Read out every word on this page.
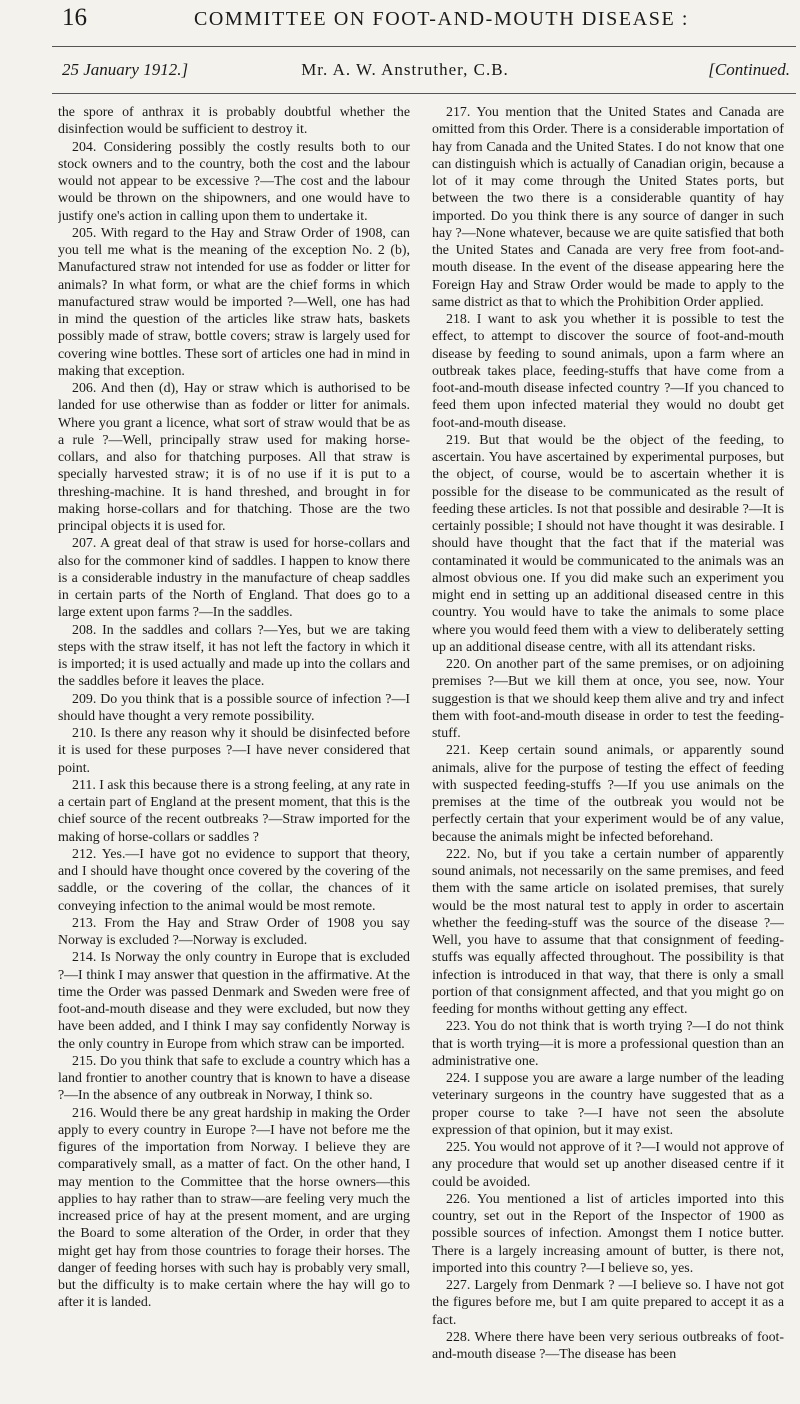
16	COMMITTEE ON FOOT-AND-MOUTH DISEASE :
25 January 1912.]	Mr. A. W. Anstruther, C.B.	[Continued.

the spore of anthrax it is probably doubtful whether the disinfection would be sufficient to destroy it.

204. Considering possibly the costly results both to our stock owners and to the country, both the cost and the labour would not appear to be excessive ?—The cost and the labour would be thrown on the shipowners, and one would have to justify one's action in calling upon them to undertake it.

205. With regard to the Hay and Straw Order of 1908, can you tell me what is the meaning of the exception No. 2 (b), Manufactured straw not intended for use as fodder or litter for animals? In what form, or what are the chief forms in which manufactured straw would be imported ?—Well, one has had in mind the question of the articles like straw hats, baskets possibly made of straw, bottle covers; straw is largely used for covering wine bottles. These sort of articles one had in mind in making that exception.

206. And then (d), Hay or straw which is authorised to be landed for use otherwise than as fodder or litter for animals. Where you grant a licence, what sort of straw would that be as a rule ?—Well, principally straw used for making horse-collars, and also for thatching purposes. All that straw is specially harvested straw; it is of no use if it is put to a threshing-machine. It is hand threshed, and brought in for making horse-collars and for thatching. Those are the two principal objects it is used for.

207. A great deal of that straw is used for horse-collars and also for the commoner kind of saddles. I happen to know there is a considerable industry in the manufacture of cheap saddles in certain parts of the North of England. That does go to a large extent upon farms ?—In the saddles.

208. In the saddles and collars ?—Yes, but we are taking steps with the straw itself, it has not left the factory in which it is imported; it is used actually and made up into the collars and the saddles before it leaves the place.

209. Do you think that is a possible source of infection ?—I should have thought a very remote possibility.

210. Is there any reason why it should be disinfected before it is used for these purposes ?—I have never considered that point.

211. I ask this because there is a strong feeling, at any rate in a certain part of England at the present moment, that this is the chief source of the recent outbreaks ?—Straw imported for the making of horse-collars or saddles ?

212. Yes.—I have got no evidence to support that theory, and I should have thought once covered by the covering of the saddle, or the covering of the collar, the chances of it conveying infection to the animal would be most remote.

213. From the Hay and Straw Order of 1908 you say Norway is excluded ?—Norway is excluded.

214. Is Norway the only country in Europe that is excluded ?—I think I may answer that question in the affirmative. At the time the Order was passed Denmark and Sweden were free of foot-and-mouth disease and they were excluded, but now they have been added, and I think I may say confidently Norway is the only country in Europe from which straw can be imported.

215. Do you think that safe to exclude a country which has a land frontier to another country that is known to have a disease ?—In the absence of any outbreak in Norway, I think so.

216. Would there be any great hardship in making the Order apply to every country in Europe ?—I have not before me the figures of the importation from Norway. I believe they are comparatively small, as a matter of fact. On the other hand, I may mention to the Committee that the horse owners—this applies to hay rather than to straw—are feeling very much the increased price of hay at the present moment, and are urging the Board to some alteration of the Order, in order that they might get hay from those countries to forage their horses. The danger of feeding horses with such hay is probably very small, but the difficulty is to make certain where the hay will go to after it is landed.

217. You mention that the United States and Canada are omitted from this Order. There is a considerable importation of hay from Canada and the United States. I do not know that one can distinguish which is actually of Canadian origin, because a lot of it may come through the United States ports, but between the two there is a considerable quantity of hay imported. Do you think there is any source of danger in such hay ?—None whatever, because we are quite satisfied that both the United States and Canada are very free from foot-and-mouth disease. In the event of the disease appearing here the Foreign Hay and Straw Order would be made to apply to the same district as that to which the Prohibition Order applied.

218. I want to ask you whether it is possible to test the effect, to attempt to discover the source of foot-and-mouth disease by feeding to sound animals, upon a farm where an outbreak takes place, feeding-stuffs that have come from a foot-and-mouth disease infected country ?—If you chanced to feed them upon infected material they would no doubt get foot-and-mouth disease.

219. But that would be the object of the feeding, to ascertain. You have ascertained by experimental purposes, but the object, of course, would be to ascertain whether it is possible for the disease to be communicated as the result of feeding these articles. Is not that possible and desirable ?—It is certainly possible; I should not have thought it was desirable. I should have thought that the fact that if the material was contaminated it would be communicated to the animals was an almost obvious one. If you did make such an experiment you might end in setting up an additional diseased centre in this country. You would have to take the animals to some place where you would feed them with a view to deliberately setting up an additional disease centre, with all its attendant risks.

220. On another part of the same premises, or on adjoining premises ?—But we kill them at once, you see, now. Your suggestion is that we should keep them alive and try and infect them with foot-and-mouth disease in order to test the feeding-stuff.

221. Keep certain sound animals, or apparently sound animals, alive for the purpose of testing the effect of feeding with suspected feeding-stuffs ?—If you use animals on the premises at the time of the outbreak you would not be perfectly certain that your experiment would be of any value, because the animals might be infected beforehand.

222. No, but if you take a certain number of apparently sound animals, not necessarily on the same premises, and feed them with the same article on isolated premises, that surely would be the most natural test to apply in order to ascertain whether the feeding-stuff was the source of the disease ?—Well, you have to assume that that consignment of feeding-stuffs was equally affected throughout. The possibility is that infection is introduced in that way, that there is only a small portion of that consignment affected, and that you might go on feeding for months without getting any effect.

223. You do not think that is worth trying ?—I do not think that is worth trying—it is more a professional question than an administrative one.

224. I suppose you are aware a large number of the leading veterinary surgeons in the country have suggested that as a proper course to take ?—I have not seen the absolute expression of that opinion, but it may exist.

225. You would not approve of it ?—I would not approve of any procedure that would set up another diseased centre if it could be avoided.

226. You mentioned a list of articles imported into this country, set out in the Report of the Inspector of 1900 as possible sources of infection. Amongst them I notice butter. There is a largely increasing amount of butter, is there not, imported into this country ?—I believe so, yes.

227. Largely from Denmark ? —I believe so. I have not got the figures before me, but I am quite prepared to accept it as a fact.

228. Where there have been very serious outbreaks of foot-and-mouth disease ?—The disease has been
